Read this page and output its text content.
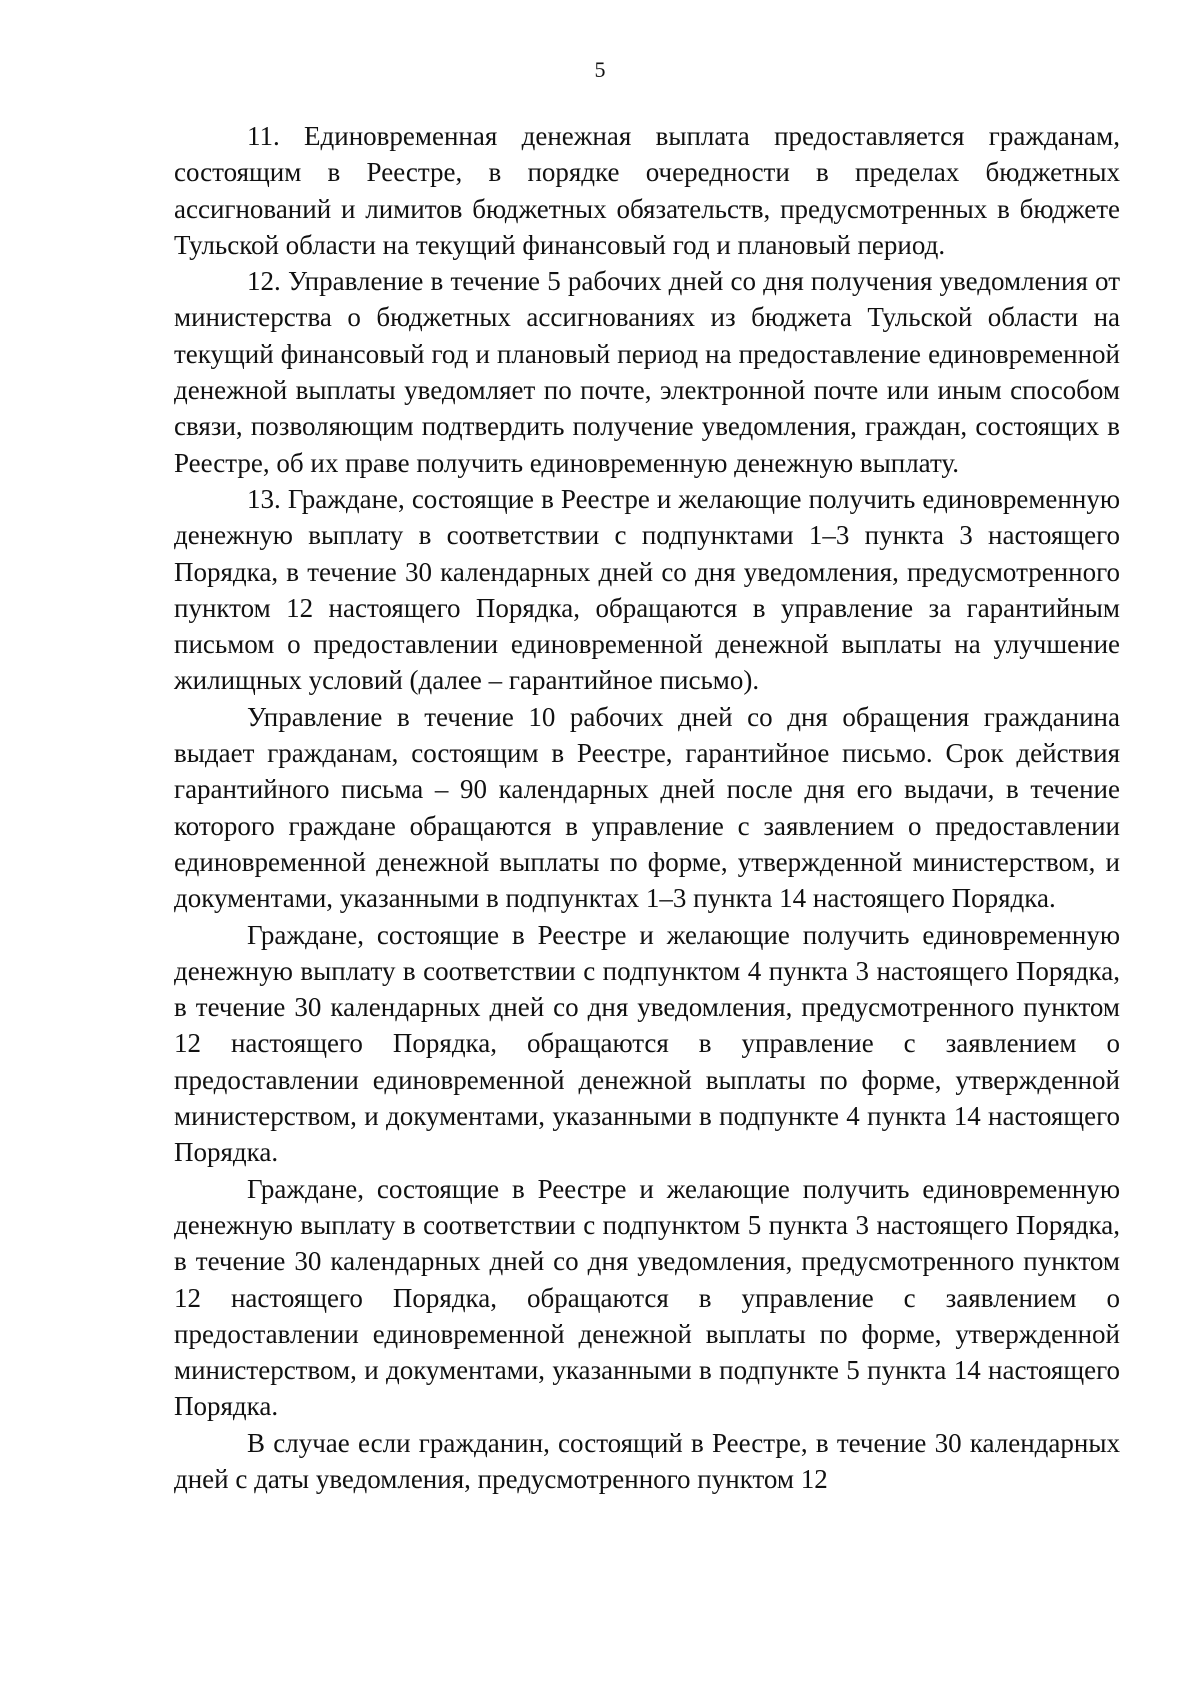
5

11. Единовременная денежная выплата предоставляется гражданам, состоящим в Реестре, в порядке очередности в пределах бюджетных ассигнований и лимитов бюджетных обязательств, предусмотренных в бюджете Тульской области на текущий финансовый год и плановый период.

12. Управление в течение 5 рабочих дней со дня получения уведомления от министерства о бюджетных ассигнованиях из бюджета Тульской области на текущий финансовый год и плановый период на предоставление единовременной денежной выплаты уведомляет по почте, электронной почте или иным способом связи, позволяющим подтвердить получение уведомления, граждан, состоящих в Реестре, об их праве получить единовременную денежную выплату.

13. Граждане, состоящие в Реестре и желающие получить единовременную денежную выплату в соответствии с подпунктами 1–3 пункта 3 настоящего Порядка, в течение 30 календарных дней со дня уведомления, предусмотренного пунктом 12 настоящего Порядка, обращаются в управление за гарантийным письмом о предоставлении единовременной денежной выплаты на улучшение жилищных условий (далее – гарантийное письмо).

Управление в течение 10 рабочих дней со дня обращения гражданина выдает гражданам, состоящим в Реестре, гарантийное письмо. Срок действия гарантийного письма – 90 календарных дней после дня его выдачи, в течение которого граждане обращаются в управление с заявлением о предоставлении единовременной денежной выплаты по форме, утвержденной министерством, и документами, указанными в подпунктах 1–3 пункта 14 настоящего Порядка.

Граждане, состоящие в Реестре и желающие получить единовременную денежную выплату в соответствии с подпунктом 4 пункта 3 настоящего Порядка, в течение 30 календарных дней со дня уведомления, предусмотренного пунктом 12 настоящего Порядка, обращаются в управление с заявлением о предоставлении единовременной денежной выплаты по форме, утвержденной министерством, и документами, указанными в подпункте 4 пункта 14 настоящего Порядка.

Граждане, состоящие в Реестре и желающие получить единовременную денежную выплату в соответствии с подпунктом 5 пункта 3 настоящего Порядка, в течение 30 календарных дней со дня уведомления, предусмотренного пунктом 12 настоящего Порядка, обращаются в управление с заявлением о предоставлении единовременной денежной выплаты по форме, утвержденной министерством, и документами, указанными в подпункте 5 пункта 14 настоящего Порядка.

В случае если гражданин, состоящий в Реестре, в течение 30 календарных дней с даты уведомления, предусмотренного пунктом 12
